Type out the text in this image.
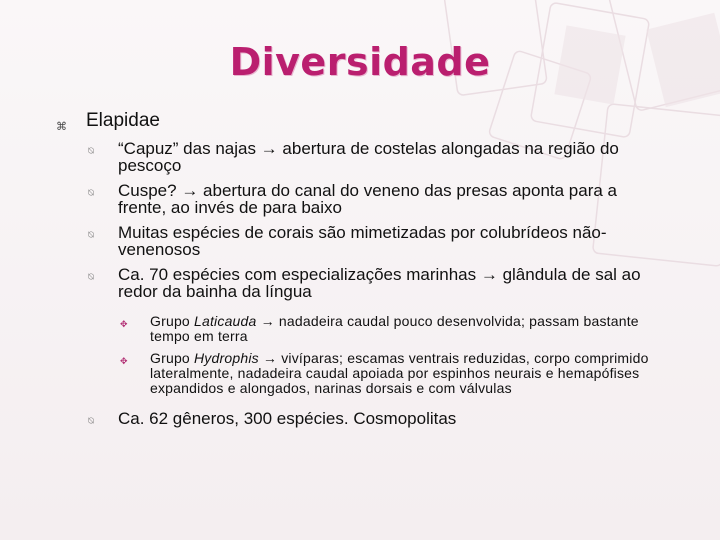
Diversidade
⌘ Elapidae
⍉ “Capuz” das najas → abertura de costelas alongadas na região do pescoço
⍉ Cuspe? → abertura do canal do veneno das presas aponta para a frente, ao invés de para baixo
⍉ Muitas espécies de corais são mimetizadas por colubrídeos não-venenosos
⍉ Ca. 70 espécies com especializações marinhas → glândula de sal ao redor da bainha da língua
✥ Grupo Laticauda → nadadeira caudal pouco desenvolvida; passam bastante tempo em terra
✥ Grupo Hydrophis → vivíparas; escamas ventrais reduzidas, corpo comprimido lateralmente, nadadeira caudal apoiada por espinhos neurais e hemapófises expandidos e alongados, narinas dorsais e com válvulas
⍉ Ca. 62 gêneros, 300 espécies. Cosmopolitas
